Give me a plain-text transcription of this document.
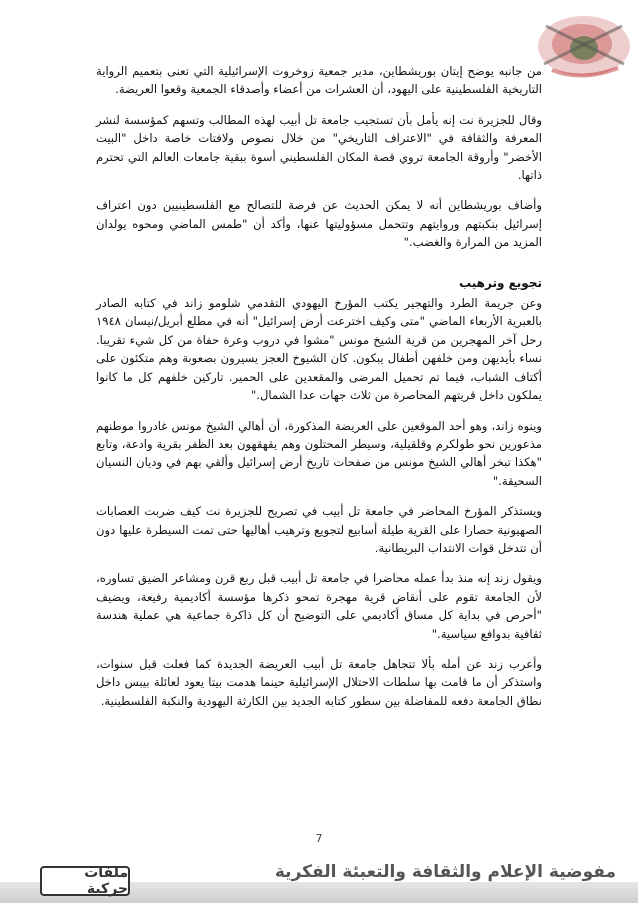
من جانبه يوضح إيتان بوريشطاين، مدير جمعية زوخروت الإسرائيلية التي تعنى بتعميم الرواية التاريخية الفلسطينية على اليهود، أن العشرات من أعضاء وأصدقاء الجمعية وقعوا العريضة.

وقال للجزيرة نت إنه يأمل بأن تستجيب جامعة تل أبيب لهذه المطالب وتسهم كمؤسسة لنشر المعرفة والثقافة في "الاعتراف التاريخي" من خلال نصوص ولافتات خاصة داخل "البيت الأخضر" وأروقة الجامعة تروي قصة المكان الفلسطيني أسوة ببقية جامعات العالم التي تحترم ذاتها.

وأضاف بوريشطاين أنه لا يمكن الحديث عن فرصة للتصالح مع الفلسطينيين دون اعتراف إسرائيل بنكبتهم وروايتهم وتتحمل مسؤوليتها عنها، وأكد أن "طمس الماضي ومحوه يولدان المزيد من المرارة والغضب."

تجويع وترهيب

وعن جريمة الطرد والتهجير يكتب المؤرخ اليهودي التقدمي شلومو زاند في كتابه الصادر بالعبرية الأربعاء الماضي "متى وكيف اخترعت أرض إسرائيل" أنه في مطلع أبريل/نيسان ١٩٤٨ رحل آخر المهجرين من قرية الشيخ مونس "مشوا في دروب وعرة حفاة من كل شيء تقريبا. نساء بأيديهن ومن خلفهن أطفال يبكون. كان الشيوخ العجز يسيرون بصعوبة وهم متكئون على أكتاف الشباب، فيما تم تحميل المرضى والمقعدين على الحمير. تاركين خلفهم كل ما كانوا يملكون داخل قريتهم المحاصرة من ثلاث جهات عدا الشمال."

وينوه زاند، وهو أحد الموقعين على العريضة المذكورة، أن أهالي الشيخ مونس غادروا موطنهم مذعورين نحو طولكرم وقلقيلية، وسيطر المحتلون وهم يقهقهون بعد الظفر بقرية وادعة، وتابع "هكذا تبخر أهالي الشيخ مونس من صفحات تاريخ أرض إسرائيل وألقي بهم في وديان النسيان السحيقة."

ويستذكر المؤرخ المحاضر في جامعة تل أبيب في تصريح للجزيرة نت كيف ضربت العصابات الصهيونية حصارا على القرية طيلة أسابيع لتجويع وترهيب أهاليها حتى تمت السيطرة عليها دون أن تتدخل قوات الانتداب البريطانية.

ويقول زند إنه منذ بدأ عمله محاضرا في جامعة تل أبيب قبل ربع قرن ومشاعر الضيق تساوره، لأن الجامعة تقوم على أنقاض قرية مهجرة تمحو ذكرها مؤسسة أكاديمية رفيعة، ويضيف "أحرص في بداية كل مساق أكاديمي على التوضيح أن كل ذاكرة جماعية هي عملية هندسة ثقافية بدوافع سياسية."

وأعرب زند عن أمله بألا تتجاهل جامعة تل أبيب العريضة الجديدة كما فعلت قبل سنوات، واستذكر أن ما قامت بها سلطات الاحتلال الإسرائيلية حينما هدمت بيتا يعود لعائلة بيبس داخل نطاق الجامعة دفعه للمفاضلة بين سطور كتابه الجديد بين الكارثة اليهودية والنكبة الفلسطينية.

7
مفوضية الإعلام والثقافة والتعبئة الفكرية
ملفات حركية
